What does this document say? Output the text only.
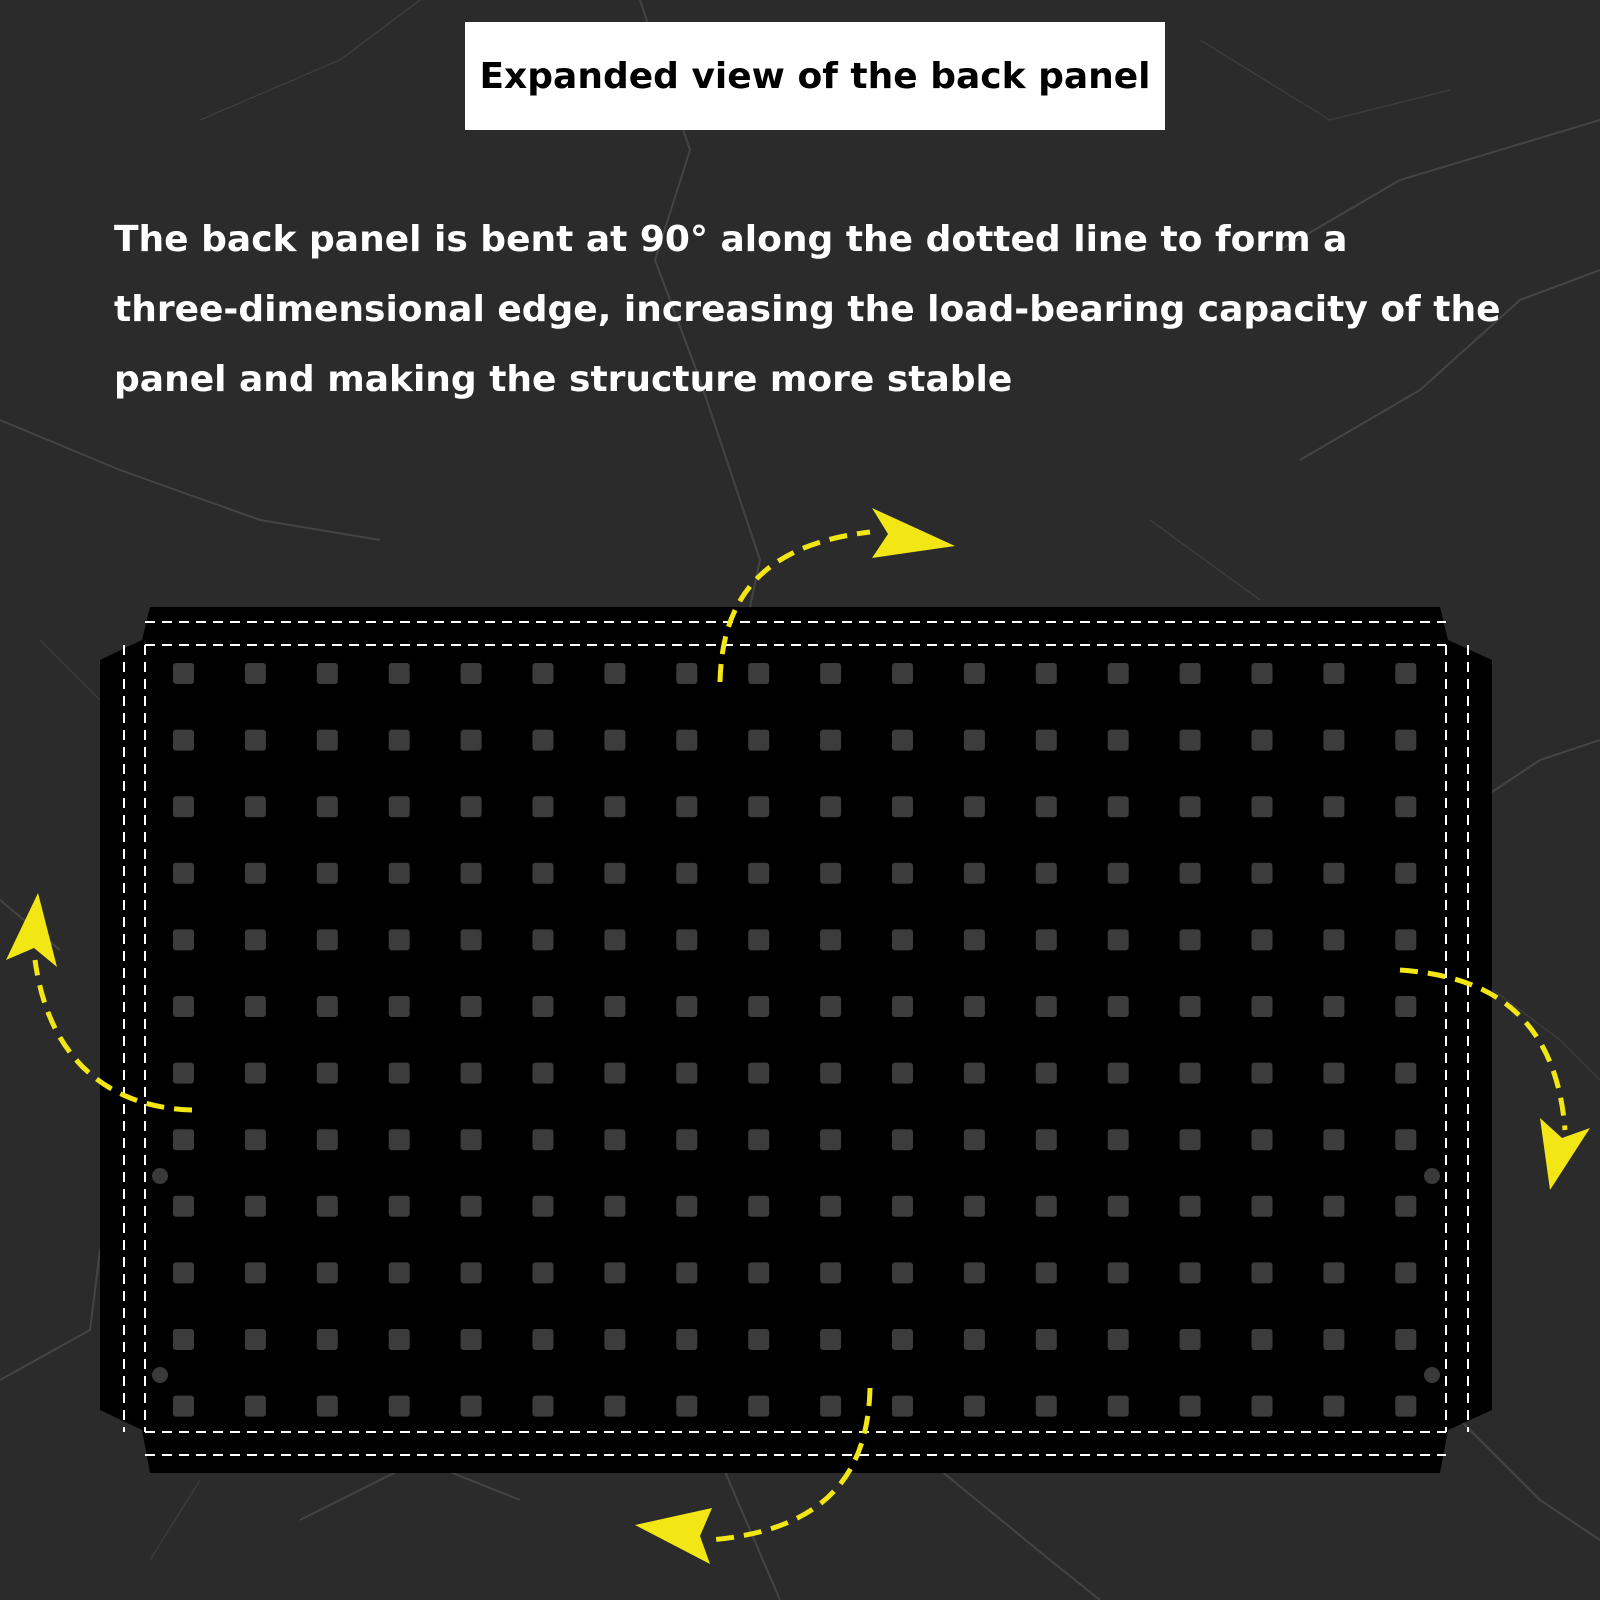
Expanded view of the back panel
The back panel is bent at 90° along the dotted line to form a
three-dimensional edge, increasing the load-bearing capacity of the
panel and making the structure more stable
